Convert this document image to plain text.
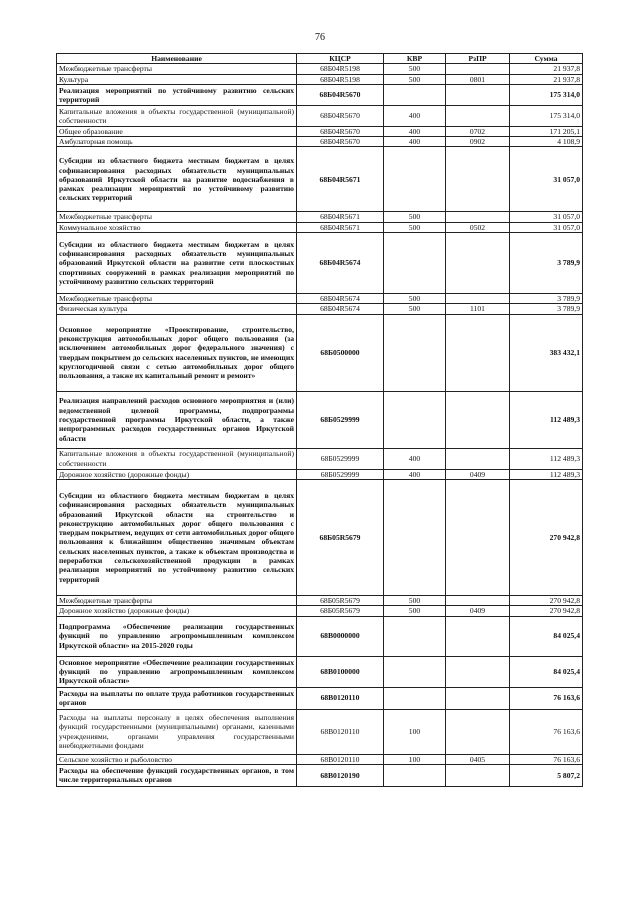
76
Наименование	КЦСР	КВР	РзПР	Сумма
Межбюджетные трансферты	68Б04R5198	500		21 937,8
Культура	68Б04R5198	500	0801	21 937,8
Реализация мероприятий по устойчивому развитию сельских территорий	68Б04R5670			175 314,0
Капитальные вложения в объекты государственной (муниципальной) собственности	68Б04R5670	400		175 314,0
Общее образование	68Б04R5670	400	0702	171 205,1
Амбулаторная помощь	68Б04R5670	400	0902	4 108,9
Субсидии из областного бюджета местным бюджетам в целях софинансирования расходных обязательств муниципальных образований Иркутской области на развитие водоснабжения в рамках реализации мероприятий по устойчивому развитию сельских территорий	68Б04R5671			31 057,0
Межбюджетные трансферты	68Б04R5671	500		31 057,0
Коммунальное хозяйство	68Б04R5671	500	0502	31 057,0
Субсидии из областного бюджета местным бюджетам в целях софинансирования расходных обязательств муниципальных образований Иркутской области на развитие сети плоскостных спортивных сооружений в рамках реализации мероприятий по устойчивому развитию сельских территорий	68Б04R5674			3 789,9
Межбюджетные трансферты	68Б04R5674	500		3 789,9
Физическая культура	68Б04R5674	500	1101	3 789,9
Основное мероприятие «Проектирование, строительство, реконструкция автомобильных дорог общего пользования (за исключением автомобильных дорог федерального значения) с твердым покрытием до сельских населенных пунктов, не имеющих круглогодичной связи с сетью автомобильных дорог общего пользования, а также их капитальный ремонт и ремонт»	68Б0500000			383 432,1
Реализация направлений расходов основного мероприятия и (или) ведомственной целевой программы, подпрограммы государственной программы Иркутской области, а также непрограммных расходов государственных органов Иркутской области	68Б0529999			112 489,3
Капитальные вложения в объекты государственной (муниципальной) собственности	68Б0529999	400		112 489,3
Дорожное хозяйство (дорожные фонды)	68Б0529999	400	0409	112 489,3
Субсидии из областного бюджета местным бюджетам в целях софинансирования расходных обязательств муниципальных образований Иркутской области на строительство и реконструкцию автомобильных дорог общего пользования с твердым покрытием, ведущих от сети автомобильных дорог общего пользования к ближайшим общественно значимым объектам сельских населенных пунктов, а также к объектам производства и переработки сельскохозяйственной продукции в рамках реализации мероприятий по устойчивому развитию сельских территорий	68Б05R5679			270 942,8
Межбюджетные трансферты	68Б05R5679	500		270 942,8
Дорожное хозяйство (дорожные фонды)	68Б05R5679	500	0409	270 942,8
Подпрограмма «Обеспечение реализации государственных функций по управлению агропромышленным комплексом Иркутской области» на 2015-2020 годы	68В0000000			84 025,4
Основное мероприятие «Обеспечение реализации государственных функций по управлению агропромышленным комплексом Иркутской области»	68В0100000			84 025,4
Расходы на выплаты по оплате труда работников государственных органов	68В0120110			76 163,6
Расходы на выплаты персоналу в целях обеспечения выполнения функций государственными (муниципальными) органами, казенными учреждениями, органами управления государственными внебюджетными фондами	68В0120110	100		76 163,6
Сельское хозяйство и рыболовство	68В0120110	100	0405	76 163,6
Расходы на обеспечение функций государственных органов, в том числе территориальных органов	68В0120190			5 807,2
